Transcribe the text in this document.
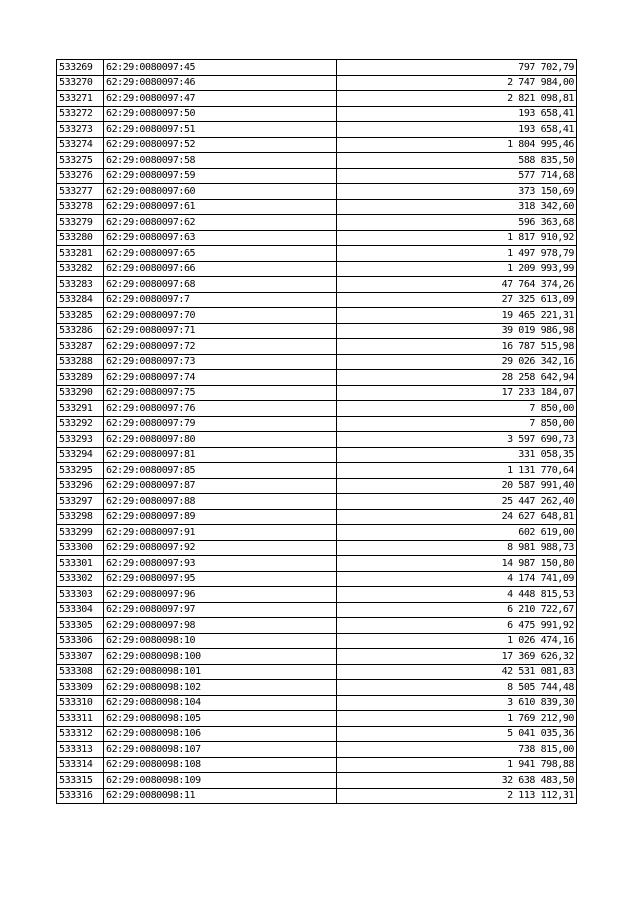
533269	62:29:0080097:45	797 702,79
533270	62:29:0080097:46	2 747 984,00
533271	62:29:0080097:47	2 821 098,81
533272	62:29:0080097:50	193 658,41
533273	62:29:0080097:51	193 658,41
533274	62:29:0080097:52	1 804 995,46
533275	62:29:0080097:58	588 835,50
533276	62:29:0080097:59	577 714,68
533277	62:29:0080097:60	373 150,69
533278	62:29:0080097:61	318 342,60
533279	62:29:0080097:62	596 363,68
533280	62:29:0080097:63	1 817 910,92
533281	62:29:0080097:65	1 497 978,79
533282	62:29:0080097:66	1 209 993,99
533283	62:29:0080097:68	47 764 374,26
533284	62:29:0080097:7	27 325 613,09
533285	62:29:0080097:70	19 465 221,31
533286	62:29:0080097:71	39 019 986,98
533287	62:29:0080097:72	16 787 515,98
533288	62:29:0080097:73	29 026 342,16
533289	62:29:0080097:74	28 258 642,94
533290	62:29:0080097:75	17 233 184,07
533291	62:29:0080097:76	7 850,00
533292	62:29:0080097:79	7 850,00
533293	62:29:0080097:80	3 597 690,73
533294	62:29:0080097:81	331 058,35
533295	62:29:0080097:85	1 131 770,64
533296	62:29:0080097:87	20 587 991,40
533297	62:29:0080097:88	25 447 262,40
533298	62:29:0080097:89	24 627 648,81
533299	62:29:0080097:91	602 619,00
533300	62:29:0080097:92	8 981 988,73
533301	62:29:0080097:93	14 987 150,80
533302	62:29:0080097:95	4 174 741,09
533303	62:29:0080097:96	4 448 815,53
533304	62:29:0080097:97	6 210 722,67
533305	62:29:0080097:98	6 475 991,92
533306	62:29:0080098:10	1 026 474,16
533307	62:29:0080098:100	17 369 626,32
533308	62:29:0080098:101	42 531 081,83
533309	62:29:0080098:102	8 505 744,48
533310	62:29:0080098:104	3 610 839,30
533311	62:29:0080098:105	1 769 212,90
533312	62:29:0080098:106	5 041 035,36
533313	62:29:0080098:107	738 815,00
533314	62:29:0080098:108	1 941 798,88
533315	62:29:0080098:109	32 638 483,50
533316	62:29:0080098:11	2 113 112,31
